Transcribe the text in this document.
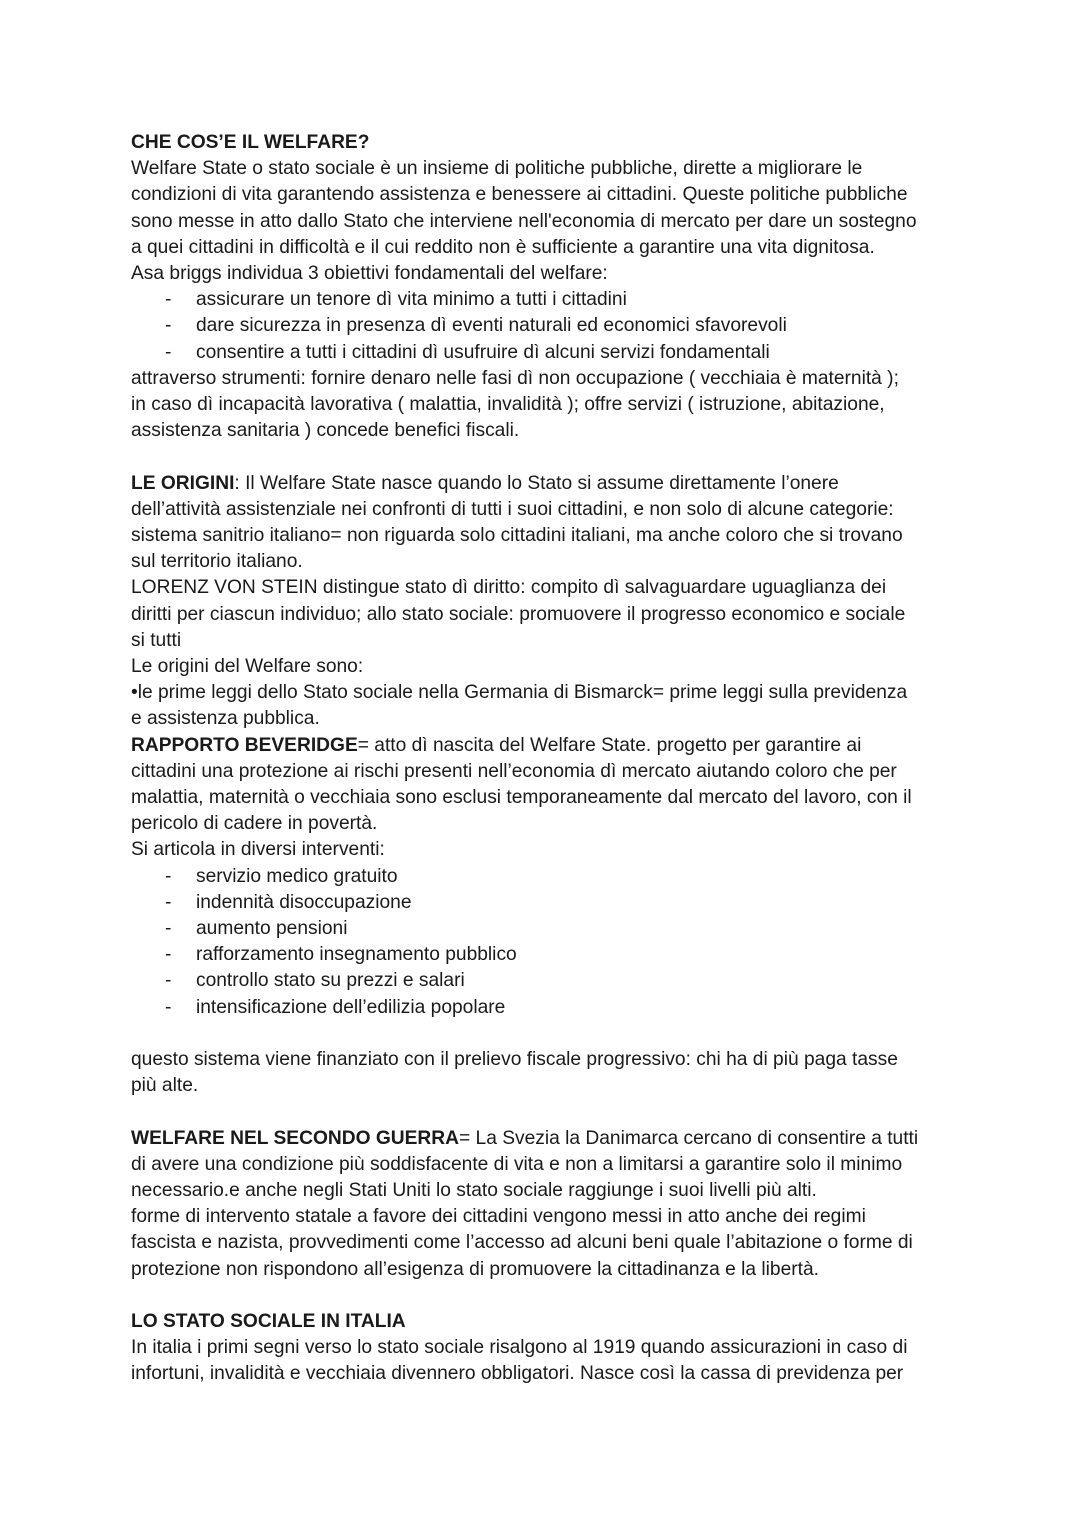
CHE COS’E IL WELFARE?

Welfare State o stato sociale è un insieme di politiche pubbliche, dirette a migliorare le
condizioni di vita garantendo assistenza e benessere ai cittadini. Queste politiche pubbliche
sono messe in atto dallo Stato che interviene nell'economia di mercato per dare un sostegno
a quei cittadini in difficoltà e il cui reddito non è sufficiente a garantire una vita dignitosa.

Asa briggs individua 3 obiettivi fondamentali del welfare:

- assicurare un tenore dì vita minimo a tutti i cittadini
- dare sicurezza in presenza dì eventi naturali ed economici sfavorevoli
- consentire a tutti i cittadini dì usufruire dì alcuni servizi fondamentali

attraverso strumenti: fornire denaro nelle fasi dì non occupazione ( vecchiaia è maternità );
in caso dì incapacità lavorativa ( malattia, invalidità ); offre servizi ( istruzione, abitazione,
assistenza sanitaria ) concede benefici fiscali.

LE ORIGINI: Il Welfare State nasce quando lo Stato si assume direttamente l’onere
dell’attività assistenziale nei confronti di tutti i suoi cittadini, e non solo di alcune categorie:
sistema sanitrio italiano= non riguarda solo cittadini italiani, ma anche coloro che si trovano
sul territorio italiano.

LORENZ VON STEIN distingue stato dì diritto: compito dì salvaguardare uguaglianza dei
diritti per ciascun individuo; allo stato sociale: promuovere il progresso economico e sociale
si tutti

Le origini del Welfare sono:

•le prime leggi dello Stato sociale nella Germania di Bismarck= prime leggi sulla previdenza
e assistenza pubblica.

RAPPORTO BEVERIDGE= atto dì nascita del Welfare State. progetto per garantire ai
cittadini una protezione ai rischi presenti nell’economia dì mercato aiutando coloro che per
malattia, maternità o vecchiaia sono esclusi temporaneamente dal mercato del lavoro, con il
pericolo di cadere in povertà.

Si articola in diversi interventi:

- servizio medico gratuito
- indennità disoccupazione
- aumento pensioni
- rafforzamento insegnamento pubblico
- controllo stato su prezzi e salari
- intensificazione dell’edilizia popolare

questo sistema viene finanziato con il prelievo fiscale progressivo: chi ha di più paga tasse
più alte.

WELFARE NEL SECONDO GUERRA= La Svezia la Danimarca cercano di consentire a tutti
di avere una condizione più soddisfacente di vita e non a limitarsi a garantire solo il minimo
necessario.e anche negli Stati Uniti lo stato sociale raggiunge i suoi livelli più alti.

forme di intervento statale a favore dei cittadini vengono messi in atto anche dei regimi
fascista e nazista, provvedimenti come l’accesso ad alcuni beni quale l’abitazione o forme di
protezione non rispondono all’esigenza di promuovere la cittadinanza e la libertà.

LO STATO SOCIALE IN ITALIA

In italia i primi segni verso lo stato sociale risalgono al 1919 quando assicurazioni in caso di
infortuni, invalidità e vecchiaia divennero obbligatori. Nasce così la cassa di previdenza per
